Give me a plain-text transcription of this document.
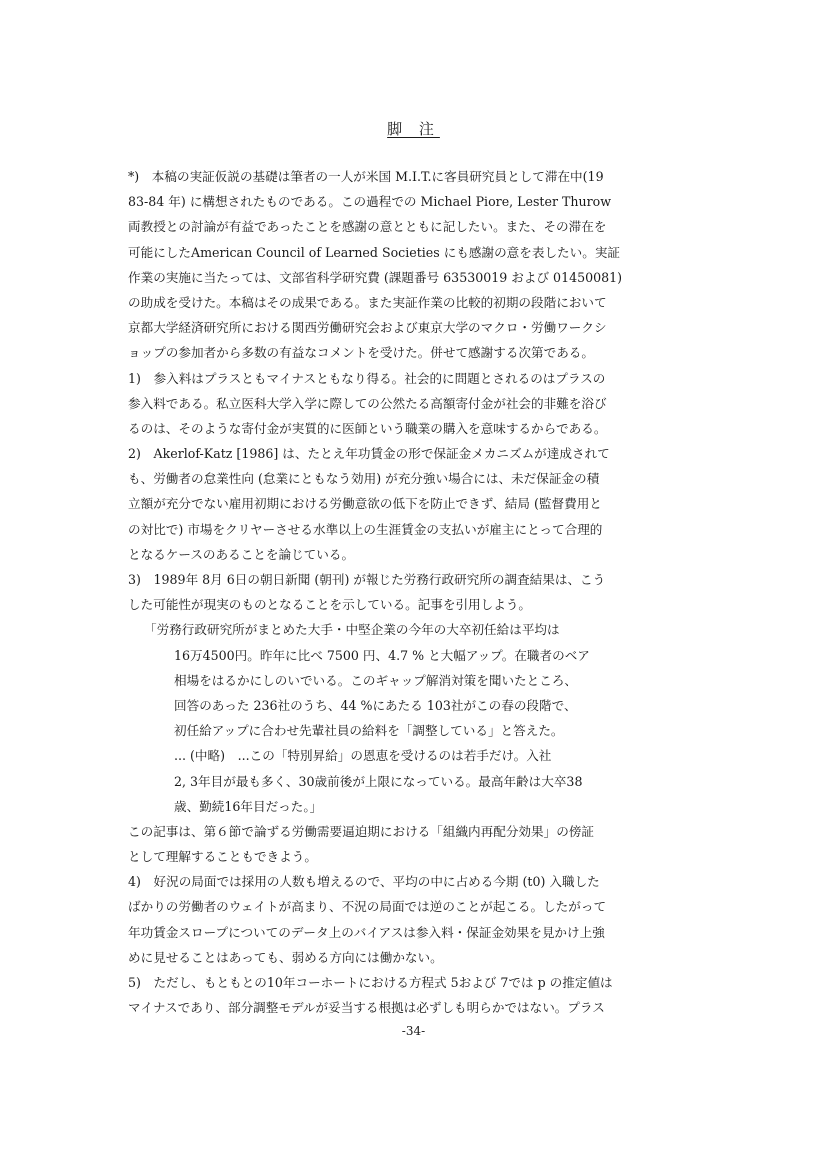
脚 注
*)　本稿の実証仮説の基礎は筆者の一人が米国 M.I.T.に客員研究員として滞在中(19
83-84 年) に構想されたものである。この過程での Michael Piore, Lester Thurow
両教授との討論が有益であったことを感謝の意とともに記したい。また、その滞在を
可能にしたAmerican Council of Learned Societies にも感謝の意を表したい。実証
作業の実施に当たっては、文部省科学研究費 (課題番号 63530019 および 01450081)
の助成を受けた。本稿はその成果である。また実証作業の比較的初期の段階において
京都大学経済研究所における関西労働研究会および東京大学のマクロ・労働ワークシ
ョップの参加者から多数の有益なコメントを受けた。併せて感謝する次第である。
1)　参入料はプラスともマイナスともなり得る。社会的に問題とされるのはプラスの
参入料である。私立医科大学入学に際しての公然たる高額寄付金が社会的非難を浴び
るのは、そのような寄付金が実質的に医師という職業の購入を意味するからである。
2)　Akerlof-Katz [1986] は、たとえ年功賃金の形で保証金メカニズムが達成されて
も、労働者の怠業性向 (怠業にともなう効用) が充分強い場合には、未だ保証金の積
立額が充分でない雇用初期における労働意欲の低下を防止できず、結局 (監督費用と
の対比で) 市場をクリヤーさせる水準以上の生涯賃金の支払いが雇主にとって合理的
となるケースのあることを論じている。
3)　1989年 8月 6日の朝日新聞 (朝刊) が報じた労務行政研究所の調査結果は、こう
した可能性が現実のものとなることを示している。記事を引用しよう。
「労務行政研究所がまとめた大手・中堅企業の今年の大卒初任給は平均は
16万4500円。昨年に比べ 7500 円、4.7 % と大幅アップ。在職者のベア
相場をはるかにしのいでいる。このギャップ解消対策を聞いたところ、
回答のあった 236社のうち、44 %にあたる 103社がこの春の段階で、
初任給アップに合わせ先輩社員の給料を「調整している」と答えた。
... (中略)　...この「特別昇給」の恩恵を受けるのは若手だけ。入社
2, 3年目が最も多く、30歳前後が上限になっている。最高年齢は大卒38
歳、勤続16年目だった。」
この記事は、第６節で論ずる労働需要逼迫期における「組織内再配分効果」の傍証
として理解することもできよう。
4)　好況の局面では採用の人数も増えるので、平均の中に占める今期 (t0) 入職した
ばかりの労働者のウェイトが高まり、不況の局面では逆のことが起こる。したがって
年功賃金スロープについてのデータ上のバイアスは参入料・保証金効果を見かけ上強
めに見せることはあっても、弱める方向には働かない。
5)　ただし、もともとの10年コーホートにおける方程式 5および 7では p の推定値は
マイナスであり、部分調整モデルが妥当する根拠は必ずしも明らかではない。プラス
-34-
